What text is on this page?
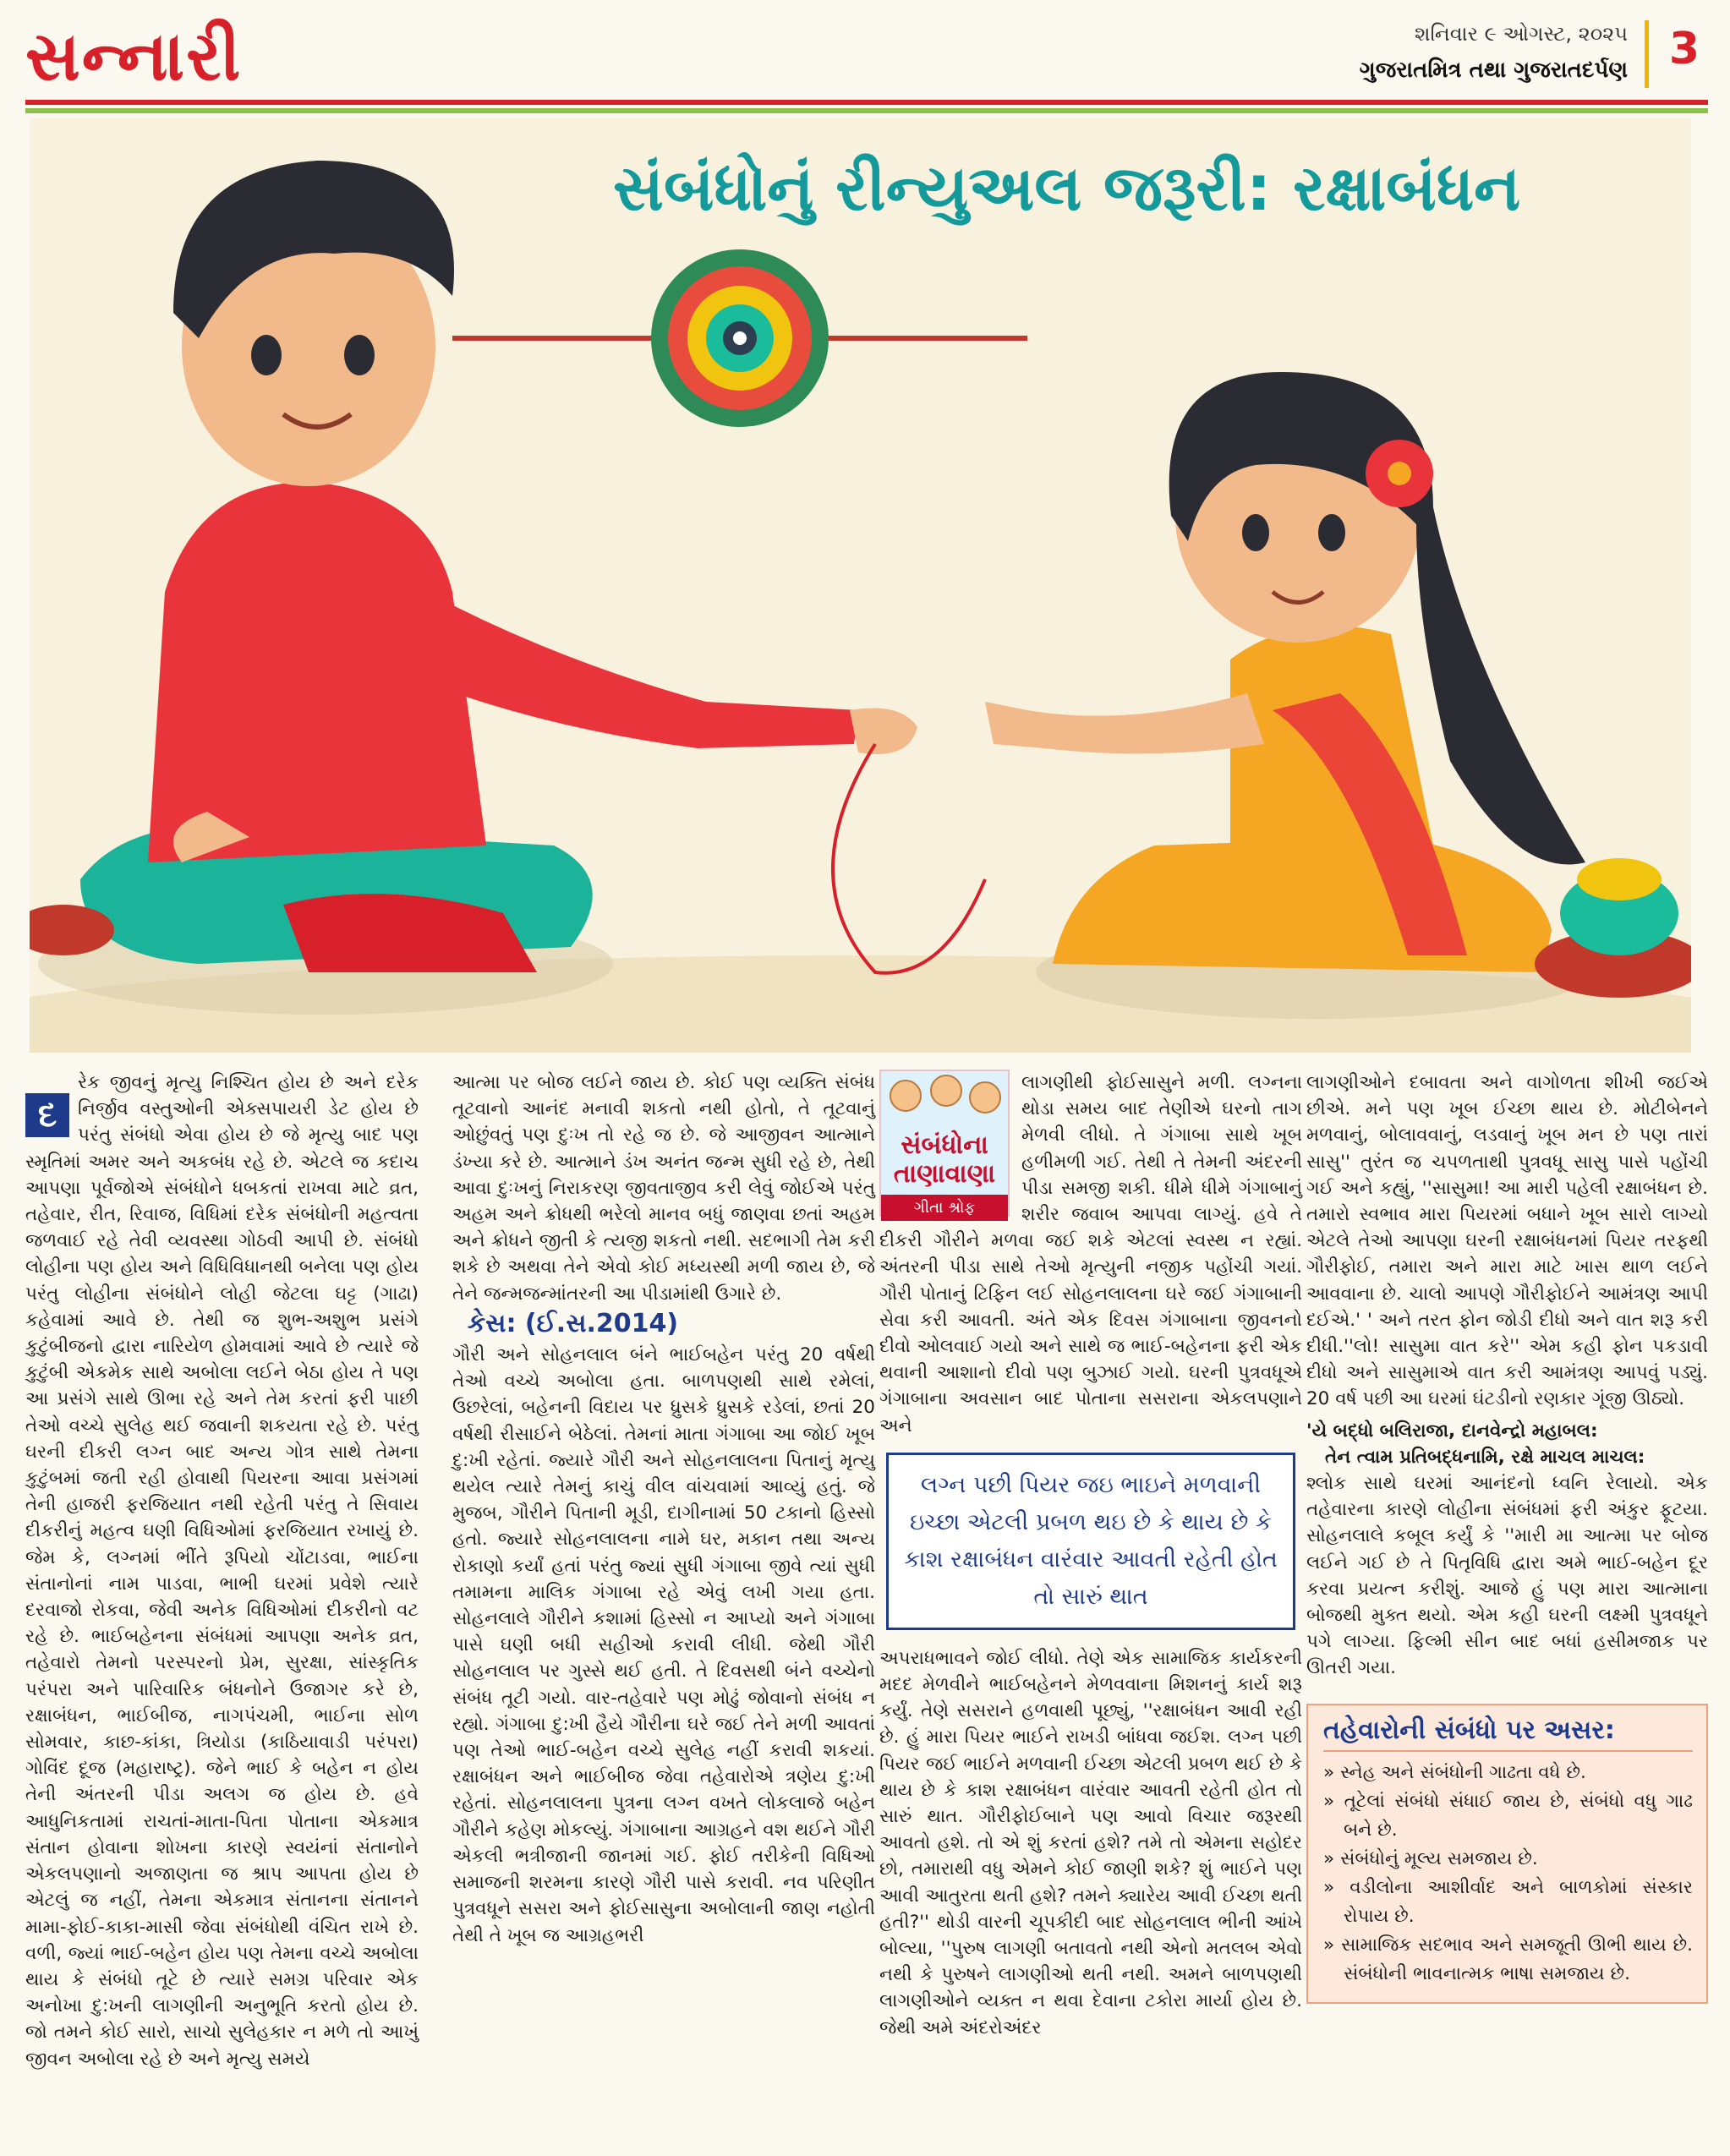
સન્નારી	શનિવાર ૯ ઓગસ્ટ, ૨૦૨૫
ગુજરાતમિત્ર તથા ગુજરાતદર્પણ 3
સંબંધોનું રીન્યુઅલ જરૂરી: રક્ષાબંધન
દ

રેક જીવનું મૃત્યુ નિશ્ચિત હોય છે અને દરેક નિર્જીવ વસ્તુઓની એક્સપાયરી ડેટ હોય છે પરંતુ સંબંધો એવા હોય છે જે મૃત્યુ બાદ પણ સ્મૃતિમાં અમર અને અકબંધ રહે છે. એટલે જ કદાચ આપણા પૂર્વજોએ સંબંધોને ધબકતાં રાખવા માટે વ્રત, તહેવાર, રીત, રિવાજ, વિધિમાં દરેક સંબંધોની મહત્વતા જળવાઈ રહે તેવી વ્યવસ્થા ગોઠવી આપી છે. સંબંધો લોહીના પણ હોય અને વિધિવિધાનથી બનેલા પણ હોય પરંતુ લોહીના સંબંધોને લોહી જેટલા ઘટ્ટ (ગાઢા) કહેવામાં આવે છે. તેથી જ શુભ-અશુભ પ્રસંગે કુટુંબીજનો દ્વારા નારિયેળ હોમવામાં આવે છે ત્યારે જે કુટુંબી એકમેક સાથે અબોલા લઈને બેઠા હોય તે પણ આ પ્રસંગે સાથે ઊભા રહે અને તેમ કરતાં ફરી પાછી તેઓ વચ્ચે સુલેહ થઈ જવાની શકયતા રહે છે. પરંતુ ઘરની દીકરી લગ્ન બાદ અન્ય ગોત્ર સાથે તેમના કુટુંબમાં જતી રહી હોવાથી પિયરના આવા પ્રસંગમાં તેની હાજરી ફરજિયાત નથી રહેતી પરંતુ તે સિવાય દીકરીનું મહત્વ ઘણી વિધિઓમાં ફરજિયાત રખાયું છે. જેમ કે, લગ્નમાં ભીંતે રૂપિયો ચોંટાડવા, ભાઈના સંતાનોનાં નામ પાડવા, ભાભી ઘરમાં પ્રવેશે ત્યારે દરવાજો રોકવા, જેવી અનેક વિધિઓમાં દીકરીનો વટ રહે છે. ભાઈબહેનના સંબંધમાં આપણા અનેક વ્રત, તહેવારો તેમનો પરસ્પરનો પ્રેમ, સુરક્ષા, સાંસ્કૃતિક પરંપરા અને પારિવારિક બંધનોને ઉજાગર કરે છે, રક્ષાબંધન, ભાઈબીજ, નાગપંચમી, ભાઈના સોળ સોમવાર, કાછ-કાંકા, ત્રિયોડા (કાઠિયાવાડી પરંપરા) ગોવિંદ દૂજ (મહારાષ્ટ્ર). જેને ભાઈ કે બહેન ન હોય તેની અંતરની પીડા અલગ જ હોય છે. હવે આધુનિકતામાં રાચતાં-માતા-પિતા પોતાના એકમાત્ર સંતાન હોવાના શોખના કારણે સ્વયંનાં સંતાનોને એકલપણાનો અજાણતા જ શ્રાપ આપતા હોય છે એટલું જ નહીં, તેમના એકમાત્ર સંતાનના સંતાનને મામા-ફોઈ-કાકા-માસી જેવા સંબંધોથી વંચિત રાખે છે. વળી, જ્યાં ભાઈ-બહેન હોય પણ તેમના વચ્ચે અબોલા થાય કે સંબંધો તૂટે છે ત્યારે સમગ્ર પરિવાર એક અનોખા દુ:ખની લાગણીની અનુભૂતિ કરતો હોય છે. જો તમને કોઈ સારો, સાચો સુલેહકાર ન મળે તો આખું જીવન અબોલા રહે છે અને મૃત્યુ સમયે

આત્મા પર બોજ લઈને જાય છે. કોઈ પણ વ્યક્તિ સંબંધ તૂટવાનો આનંદ મનાવી શકતો નથી હોતો, તે તૂટવાનું ઓછુંવતું પણ દુઃખ તો રહે જ છે. જે આજીવન આત્માને ડંખ્યા કરે છે. આત્માને ડંખ અનંત જન્મ સુધી રહે છે, તેથી આવા દુઃખનું નિરાકરણ જીવતાજીવ કરી લેવું જોઈએ પરંતુ અહમ અને ક્રોધથી ભરેલો માનવ બધું જાણવા છતાં અહમ અને ક્રોધને જીતી કે ત્યજી શકતો નથી. સદભાગી તેમ કરી શકે છે અથવા તેને એવો કોઈ મધ્યસ્થી મળી જાય છે, જે તેને જન્મજન્માંતરની આ પીડામાંથી ઉગારે છે.

કેસ: (ઈ.સ.2014)

ગૌરી અને સોહનલાલ બંને ભાઈબહેન પરંતુ 20 વર્ષથી તેઓ વચ્ચે અબોલા હતા. બાળપણથી સાથે રમેલાં, ઉછરેલાં, બહેનની વિદાય પર ધ્રુસકે ધ્રુસકે રડેલાં, છતાં 20 વર્ષથી રીસાઈને બેઠેલાં. તેમનાં માતા ગંગાબા આ જોઈ ખૂબ દુ:ખી રહેતાં. જ્યારે ગૌરી અને સોહનલાલના પિતાનું મૃત્યુ થયેલ ત્યારે તેમનું કાચું વીલ વાંચવામાં આવ્યું હતું. જે મુજબ, ગૌરીને પિતાની મૂડી, દાગીનામાં 50 ટકાનો હિસ્સો હતો. જ્યારે સોહનલાલના નામે ઘર, મકાન તથા અન્ય રોકાણો કર્યાં હતાં પરંતુ જ્યાં સુધી ગંગાબા જીવે ત્યાં સુધી તમામના માલિક ગંગાબા રહે એવું લખી ગયા હતા. સોહનલાલે ગૌરીને કશામાં હિસ્સો ન આપ્યો અને ગંગાબા પાસે ઘણી બધી સહીઓ કરાવી લીધી. જેથી ગૌરી સોહનલાલ પર ગુસ્સે થઈ હતી. તે દિવસથી બંને વચ્ચેનો સંબંધ તૂટી ગયો. વાર-તહેવારે પણ મોઢું જોવાનો સંબંધ ન રહ્યો. ગંગાબા દુ:ખી હૈયે ગૌરીના ઘરે જઈ તેને મળી આવતાં પણ તેઓ ભાઈ-બહેન વચ્ચે સુલેહ નહીં કરાવી શકયાં. રક્ષાબંધન અને ભાઈબીજ જેવા તહેવારોએ ત્રણેય દુ:ખી રહેતાં. સોહનલાલના પુત્રના લગ્ન વખતે લોકલાજે બહેન ગૌરીને કહેણ મોકલ્યું. ગંગાબાના આગ્રહને વશ થઈને ગૌરી એકલી ભત્રીજાની જાનમાં ગઈ. ફોઈ તરીકેની વિધિઓ સમાજની શરમના કારણે ગૌરી પાસે કરાવી. નવ પરિણીત પુત્રવધૂને સસરા અને ફોઈસાસુના અબોલાની જાણ નહોતી તેથી તે ખૂબ જ આગ્રહભરી

સંબંધોના
તાણાવાણા
ગીતા શ્રોફ

લાગણીથી ફોઈસાસુને મળી. લગ્નના થોડા સમય બાદ તેણીએ ઘરનો તાગ મેળવી લીધો. તે ગંગાબા સાથે ખૂબ હળીમળી ગઈ. તેથી તે તેમની અંદરની પીડા સમજી શકી. ધીમે ધીમે ગંગાબાનું શરીર જવાબ આપવા લાગ્યું. હવે તે દીકરી ગૌરીને મળવા જઈ શકે એટલાં સ્વસ્થ ન રહ્યાં. અંતરની પીડા સાથે તેઓ મૃત્યુની નજીક પહોંચી ગયાં. ગૌરી પોતાનું ટિફિન લઈ સોહનલાલના ઘરે જઈ ગંગાબાની સેવા કરી આવતી. અંતે એક દિવસ ગંગાબાના જીવનનો દીવો ઓલવાઈ ગયો અને સાથે જ ભાઈ-બહેનના ફરી એક થવાની આશાનો દીવો પણ બુઝાઈ ગયો. ઘરની પુત્રવધૂએ ગંગાબાના અવસાન બાદ પોતાના સસરાના એકલપણાને અને

લગ્ન પછી પિયર જઇ ભાઇને મળવાની ઇચ્છા એટલી પ્રબળ થઇ છે કે થાય છે કે કાશ રક્ષાબંધન વારંવાર આવતી રહેતી હોત તો સારું થાત

અપરાધભાવને જોઈ લીધો. તેણે એક સામાજિક કાર્યકરની મદદ મેળવીને ભાઈબહેનને મેળવવાના મિશનનું કાર્ય શરૂ કર્યું. તેણે સસરાને હળવાથી પૂછ્યું, ''રક્ષાબંધન આવી રહી છે. હું મારા પિયર ભાઈને રાખડી બાંધવા જઈશ. લગ્ન પછી પિયર જઈ ભાઈને મળવાની ઈચ્છા એટલી પ્રબળ થઈ છે કે થાય છે કે કાશ રક્ષાબંધન વારંવાર આવતી રહેતી હોત તો સારું થાત. ગૌરીફોઈબાને પણ આવો વિચાર જરૂરથી આવતો હશે. તો એ શું કરતાં હશે? તમે તો એમના સહોદર છો, તમારાથી વધુ એમને કોઈ જાણી શકે? શું ભાઈને પણ આવી આતુરતા થતી હશે? તમને ક્યારેય આવી ઈચ્છા થતી હતી?'' થોડી વારની ચૂપકીદી બાદ સોહનલાલ ભીની આંખે બોલ્યા, ''પુરુષ લાગણી બતાવતો નથી એનો મતલબ એવો નથી કે પુરુષને લાગણીઓ થતી નથી. અમને બાળપણથી લાગણીઓને વ્યક્ત ન થવા દેવાના ટકોરા માર્યા હોય છે. જેથી અમે અંદરોઅંદર

લાગણીઓને દબાવતા અને વાગોળતા શીખી જઈએ છીએ. મને પણ ખૂબ ઈચ્છા થાય છે. મોટીબેનને મળવાનું, બોલાવવાનું, લડવાનું ખૂબ મન છે પણ તારાં સાસુ'' તુરંત જ ચપળતાથી પુત્રવધૂ સાસુ પાસે પહોંચી ગઈ અને કહ્યું, ''સાસુમા! આ મારી પહેલી રક્ષાબંધન છે. તમારો સ્વભાવ મારા પિયરમાં બધાને ખૂબ સારો લાગ્યો એટલે તેઓ આપણા ઘરની રક્ષાબંધનમાં પિયર તરફથી ગૌરીફોઈ, તમારા અને મારા માટે ખાસ થાળ લઈને આવવાના છે. ચાલો આપણે ગૌરીફોઈને આમંત્રણ આપી દઈએ.' ' અને તરત ફોન જોડી દીધો અને વાત શરૂ કરી દીધી.''લો! સાસુમા વાત કરે'' એમ કહી ફોન પકડાવી દીધો અને સાસુમાએ વાત કરી આમંત્રણ આપવું પડ્યું. 20 વર્ષ પછી આ ઘરમાં ઘંટડીનો રણકાર ગૂંજી ઊઠ્યો.

'યે બદ્ધો બલિરાજા, દાનવેન્દ્રો મહાબલ:
તેન ત્વામ પ્રતિબદ્ધનામિ, રક્ષે માચલ માચલ:

શ્લોક સાથે ઘરમાં આનંદનો ધ્વનિ રેલાયો. એક તહેવારના કારણે લોહીના સંબંધમાં ફરી અંકુર ફૂટયા. સોહનલાલે કબૂલ કર્યું કે ''મારી મા આત્મા પર બોજ લઈને ગઈ છે તે પિતૃવિધિ દ્વારા અમે ભાઈ-બહેન દૂર કરવા પ્રયત્ન કરીશું. આજે હું પણ મારા આત્માના બોજથી મુક્ત થયો. એમ કહી ઘરની લક્ષ્મી પુત્રવધૂને પગે લાગ્યા. ફિલ્મી સીન બાદ બધાં હસીમજાક પર ઊતરી ગયા.

તહેવારોની સંબંધો પર અસર:
» સ્નેહ અને સંબંધોની ગાઢતા વધે છે.
» તૂટેલાં સંબંધો સંધાઈ જાય છે, સંબંધો વધુ ગાઢ બને છે.
» સંબંધોનું મૂલ્ય સમજાય છે.
» વડીલોના આશીર્વાદ અને બાળકોમાં સંસ્કાર રોપાય છે.
» સામાજિક સદભાવ અને સમજૂતી ઊભી થાય છે. સંબંધોની ભાવનાત્મક ભાષા સમજાય છે.
